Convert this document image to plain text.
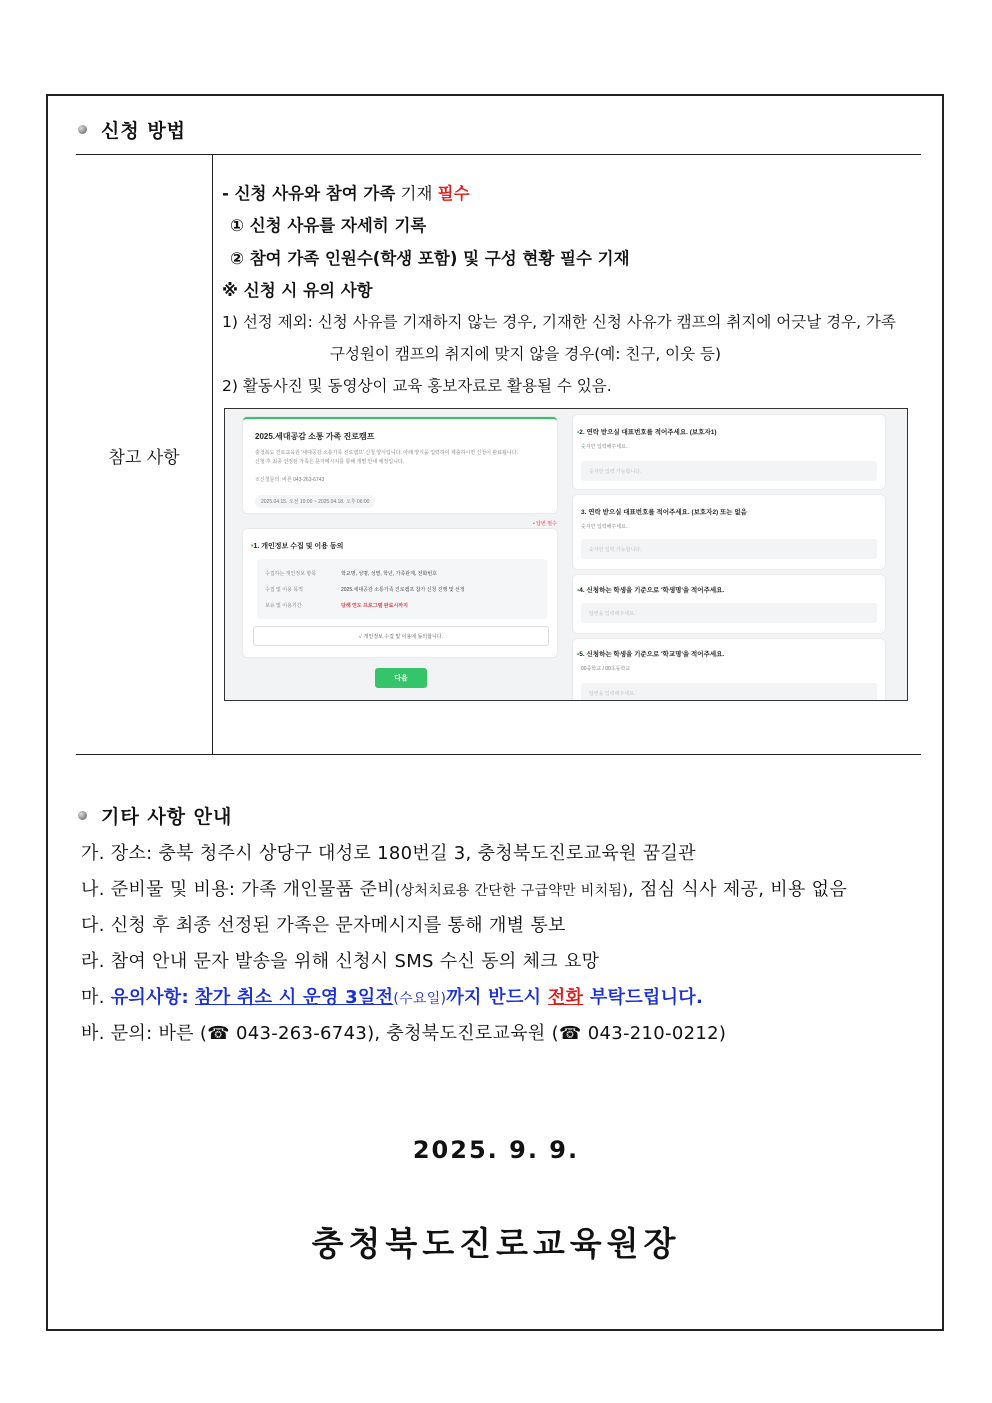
신청 방법
참고 사항
- 신청 사유와 참여 가족 기재 필수
① 신청 사유를 자세히 기록
② 참여 가족 인원수(학생 포함) 및 구성 현황 필수 기재
※ 신청 시 유의 사항
1) 선정 제외: 신청 사유를 기재하지 않는 경우, 기재한 신청 사유가 캠프의 취지에 어긋날 경우, 가족
구성원이 캠프의 취지에 맞지 않을 경우(예: 친구, 이웃 등)
2) 활동사진 및 동영상이 교육 홍보자료로 활용될 수 있음.
2025.세대공감 소통 가족 진로캠프
충청북도 진로교육원 '세대공감 소통가족 진로캠프' 신청 양식입니다. 아래 양식을 입력하여 제출하시면 신청이 완료됩니다.
신청 후 최종 선정된 가족은 문자메시지를 통해 개별 안내 예정입니다.
※신청문의: 바른 043-263-6743
2025.04.15. 오전 10:00 ~ 2025.04.18. 오후 06:00
• 답변 필수
•1. 개인정보 수집 및 이용 동의
수집하는 개인정보 항목	학교명, 성명, 성별, 학년, 가족관계, 전화번호
수집 및 이용 목적	2025.세대공감 소통가족 진로캠프 참가 신청 진행 및 선정
보유 및 이용기간	당해 연도 프로그램 완료시까지
✓ 개인정보 수집 및 이용에 동의합니다.
다음
•2. 연락 받으실 대표번호를 적어주세요. (보호자1)
숫자만 입력해주세요.
숫자만 입력 가능합니다.
3. 연락 받으실 대표번호를 적어주세요. (보호자2) 또는 없음
숫자만 입력해주세요.
숫자만 입력 가능합니다.
•4. 신청하는 학생을 기준으로 '학생명'을 적어주세요.
답변을 입력해주세요.
•5. 신청하는 학생을 기준으로 '학교명'을 적어주세요.
00중학교 / 00초등학교
답변을 입력해주세요.
기타 사항 안내
가. 장소: 충북 청주시 상당구 대성로 180번길 3, 충청북도진로교육원 꿈길관
나. 준비물 및 비용: 가족 개인물품 준비(상처치료용 간단한 구급약만 비치됨), 점심 식사 제공, 비용 없음
다. 신청 후 최종 선정된 가족은 문자메시지를 통해 개별 통보
라. 참여 안내 문자 발송을 위해 신청시 SMS 수신 동의 체크 요망
마. 유의사항: 참가 취소 시 운영 3일전(수요일)까지 반드시 전화 부탁드립니다.
바. 문의: 바른 (☎ 043-263-6743), 충청북도진로교육원 (☎ 043-210-0212)
2025. 9. 9.
충청북도진로교육원장
